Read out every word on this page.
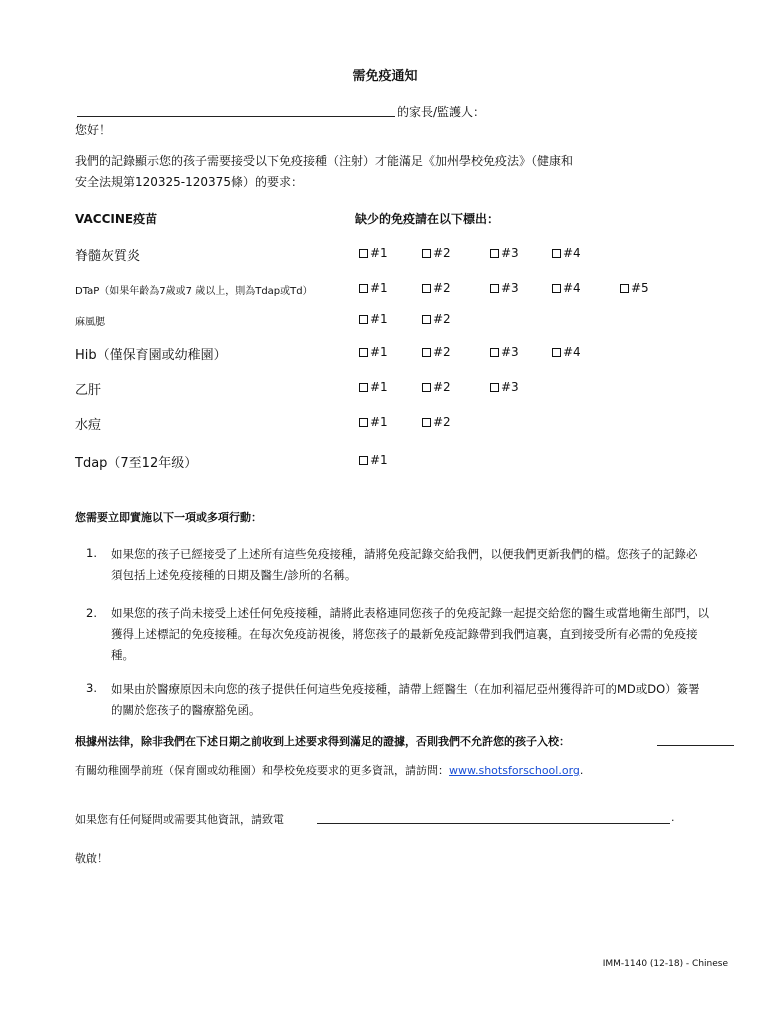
需免疫通知
的家長/監護人：
您好！
我們的記錄顯示您的孩子需要接受以下免疫接種（注射）才能滿足《加州學校免疫法》（健康和
安全法規第120325-120375條）的要求：
VACCINE疫苗	缺少的免疫請在以下標出：
脊髓灰質炎	#1	#2	#3	#4
DTaP（如果年齡為7歲或7 歲以上，則為Tdap或Td）	#1	#2	#3	#4	#5
麻風腮	#1	#2
Hib（僅保育園或幼稚園）	#1	#2	#3	#4
乙肝	#1	#2	#3
水痘	#1	#2
Tdap（7至12年级）	#1
您需要立即實施以下一項或多項行動：
1. 如果您的孩子已經接受了上述所有這些免疫接種，請將免疫記錄交給我們，以便我們更新我們的檔。您孩子的記錄必須包括上述免疫接種的日期及醫生/診所的名稱。
2. 如果您的孩子尚未接受上述任何免疫接種，請將此表格連同您孩子的免疫記錄一起提交給您的醫生或當地衛生部門，以獲得上述標記的免疫接種。在每次免疫訪視後，將您孩子的最新免疫記錄帶到我們這裏，直到接受所有必需的免疫接種。
3. 如果由於醫療原因未向您的孩子提供任何這些免疫接種，請帶上經醫生（在加利福尼亞州獲得許可的MD或DO）簽署的關於您孩子的醫療豁免函。
根據州法律，除非我們在下述日期之前收到上述要求得到滿足的證據，否則我們不允許您的孩子入校：
有關幼稚園學前班（保育園或幼稚園）和學校免疫要求的更多資訊，請訪問：www.shotsforschool.org.
如果您有任何疑問或需要其他資訊，請致電	.
敬啟！
IMM-1140 (12-18) - Chinese
